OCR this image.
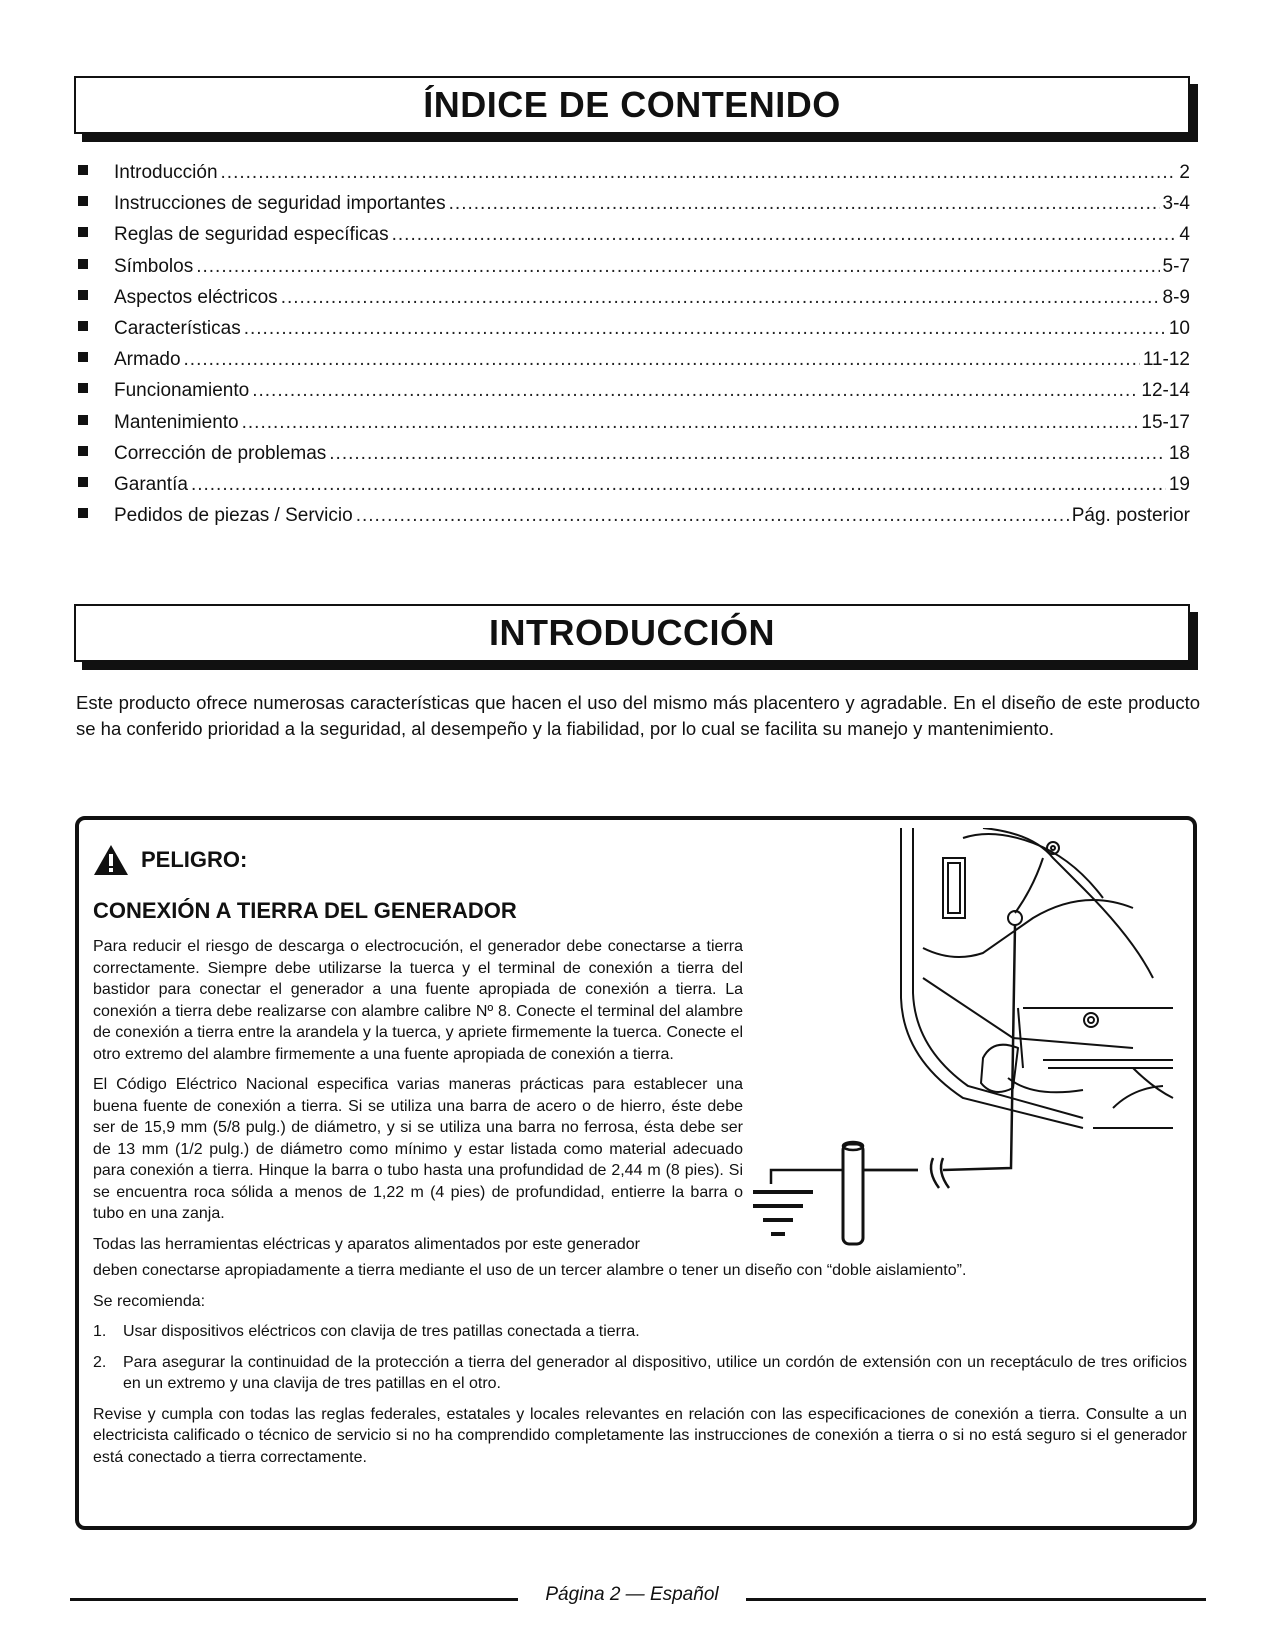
ÍNDICE DE CONTENIDO
Introducción .....	2
Instrucciones de seguridad importantes .....	3-4
Reglas de seguridad específicas .....	4
Símbolos .....	5-7
Aspectos eléctricos .....	8-9
Características .....	10
Armado .....	11-12
Funcionamiento .....	12-14
Mantenimiento .....	15-17
Corrección de problemas .....	18
Garantía .....	19
Pedidos de piezas / Servicio .....	Pág. posterior
INTRODUCCIÓN

Este producto ofrece numerosas características que hacen el uso del mismo más placentero y agradable. En el diseño de este producto se ha conferido prioridad a la seguridad, al desempeño y la fiabilidad, por lo cual se facilita su manejo y mantenimiento.

PELIGRO:
CONEXIÓN A TIERRA DEL GENERADOR

Para reducir el riesgo de descarga o electrocución, el generador debe conectarse a tierra correctamente. Siempre debe utilizarse la tuerca y el terminal de conexión a tierra del bastidor para conectar el generador a una fuente apropiada de conexión a tierra. La conexión a tierra debe realizarse con alambre calibre Nº 8. Conecte el terminal del alambre de conexión a tierra entre la arandela y la tuerca, y apriete firmemente la tuerca. Conecte el otro extremo del alambre firmemente a una fuente apropiada de conexión a tierra.

El Código Eléctrico Nacional especifica varias maneras prácticas para establecer una buena fuente de conexión a tierra. Si se utiliza una barra de acero o de hierro, éste debe ser de 15,9 mm (5/8 pulg.) de diámetro, y si se utiliza una barra no ferrosa, ésta debe ser de 13 mm (1/2 pulg.) de diámetro como mínimo y estar listada como material adecuado para conexión a tierra. Hinque la barra o tubo hasta una profundidad de 2,44 m (8 pies). Si se encuentra roca sólida a menos de 1,22 m (4 pies) de profundidad, entierre la barra o tubo en una zanja.

Todas las herramientas eléctricas y aparatos alimentados por este generador

deben conectarse apropiadamente a tierra mediante el uso de un tercer alambre o tener un diseño con “doble aislamiento”.

Se recomienda:

1.	Usar dispositivos eléctricos con clavija de tres patillas conectada a tierra.
2.	Para asegurar la continuidad de la protección a tierra del generador al dispositivo, utilice un cordón de extensión con un receptáculo de tres orificios en un extremo y una clavija de tres patillas en el otro.

Revise y cumpla con todas las reglas federales, estatales y locales relevantes en relación con las especificaciones de conexión a tierra. Consulte a un electricista calificado o técnico de servicio si no ha comprendido completamente las instrucciones de conexión a tierra o si no está seguro si el generador está conectado a tierra correctamente.

Página 2 — Español
